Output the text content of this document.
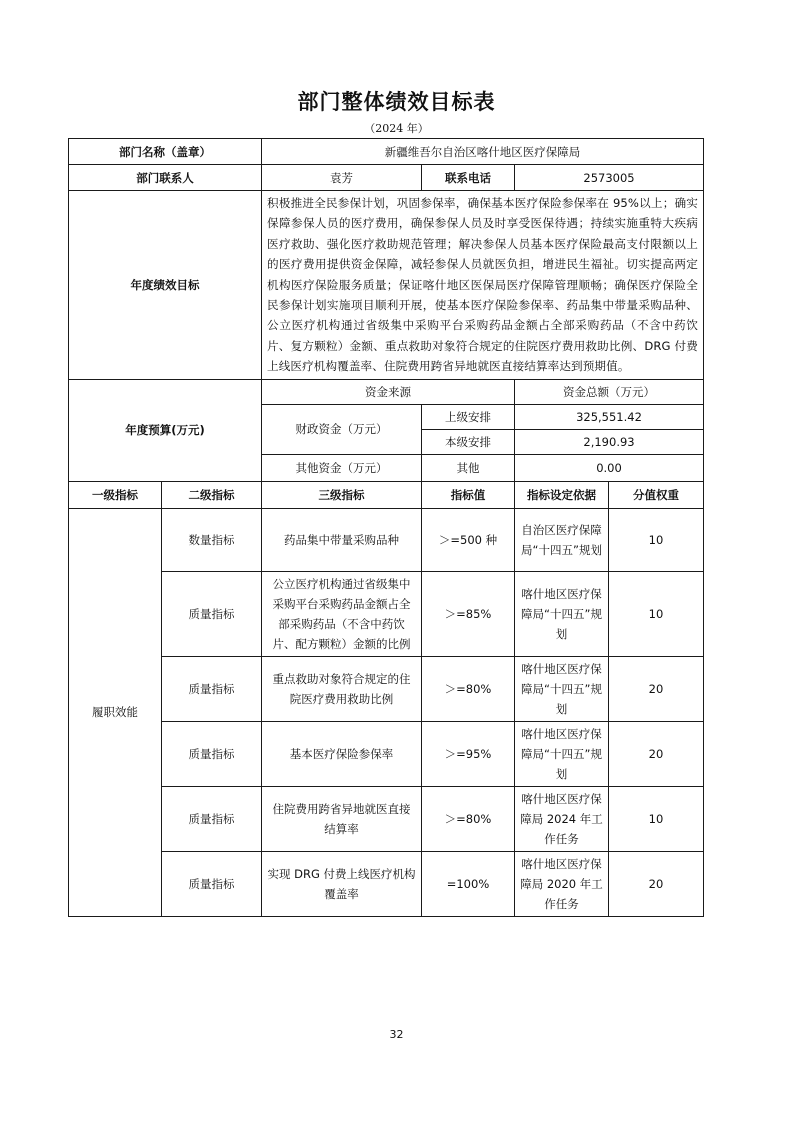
部门整体绩效目标表
（2024 年）
部门名称（盖章）		新疆维吾尔自治区喀什地区医疗保障局			
部门联系人		袁芳	联系电话	2573005	
年度绩效目标		积极推进全民参保计划，巩固参保率，确保基本医疗保险参保率在 95%以上；确实保障参保人员的医疗费用，确保参保人员及时享受医保待遇；持续实施重特大疾病医疗救助、强化医疗救助规范管理；解决参保人员基本医疗保险最高支付限额以上的医疗费用提供资金保障，减轻参保人员就医负担，增进民生福祉。切实提高两定机构医疗保险服务质量；保证喀什地区医保局医疗保障管理顺畅；确保医疗保险全民参保计划实施项目顺利开展，使基本医疗保险参保率、药品集中带量采购品种、公立医疗机构通过省级集中采购平台采购药品金额占全部采购药品（不含中药饮片、复方颗粒）金额、重点救助对象符合规定的住院医疗费用救助比例、DRG 付费上线医疗机构覆盖率、住院费用跨省异地就医直接结算率达到预期值。			
年度预算(万元)		资金来源		资金总额（万元）	
		财政资金（万元）	上级安排	325,551.42	
			本级安排	2,190.93	
		其他资金（万元）	其他	0.00	
一级指标	二级指标	三级指标	指标值	指标设定依据	分值权重
履职效能	数量指标	药品集中带量采购品种	＞=500 种	自治区医疗保障局“十四五”规划	10
	质量指标	公立医疗机构通过省级集中采购平台采购药品金额占全部采购药品（不含中药饮片、配方颗粒）金额的比例	＞=85%	喀什地区医疗保障局“十四五”规划	10
	质量指标	重点救助对象符合规定的住院医疗费用救助比例	＞=80%	喀什地区医疗保障局“十四五”规划	20
	质量指标	基本医疗保险参保率	＞=95%	喀什地区医疗保障局“十四五”规划	20
	质量指标	住院费用跨省异地就医直接结算率	＞=80%	喀什地区医疗保障局 2024 年工作任务	10
	质量指标	实现 DRG 付费上线医疗机构覆盖率	=100%	喀什地区医疗保障局 2020 年工作任务	20
32
